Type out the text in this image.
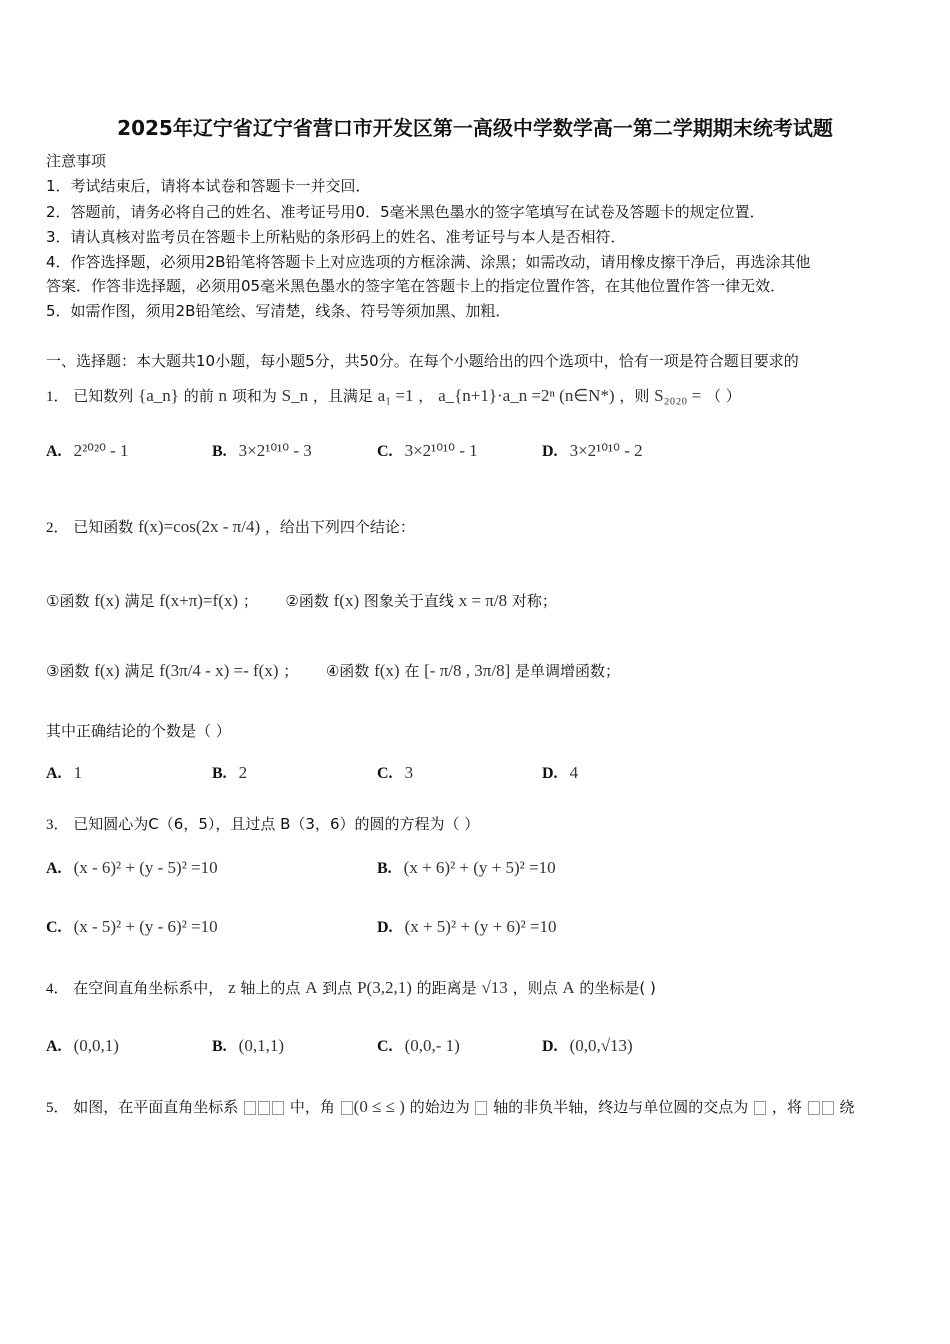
2025年辽宁省辽宁省营口市开发区第一高级中学数学高一第二学期期末统考试题
注意事项
1．考试结束后，请将本试卷和答题卡一并交回．
2．答题前，请务必将自己的姓名、准考证号用0．5毫米黑色墨水的签字笔填写在试卷及答题卡的规定位置．
3．请认真核对监考员在答题卡上所粘贴的条形码上的姓名、准考证号与本人是否相符．
4．作答选择题，必须用2B铅笔将答题卡上对应选项的方框涂满、涂黑；如需改动，请用橡皮擦干净后，再选涂其他
答案．作答非选择题，必须用05毫米黑色墨水的签字笔在答题卡上的指定位置作答，在其他位置作答一律无效．
5．如需作图，须用2B铅笔绘、写清楚，线条、符号等须加黑、加粗．
一、选择题：本大题共10小题，每小题5分，共50分。在每个小题给出的四个选项中，恰有一项是符合题目要求的
1． 已知数列 {a_n} 的前 n 项和为 S_n ，且满足 a₁ =1 ， a_{n+1}·a_n =2ⁿ (n∈N*) ，则 S₂₀₂₀ = （ ）
A. 2²⁰²⁰ - 1	B. 3×2¹⁰¹⁰ - 3	C. 3×2¹⁰¹⁰ - 1	D. 3×2¹⁰¹⁰ - 2
2． 已知函数 f(x)=cos(2x - π/4) ，给出下列四个结论：
①函数 f(x) 满足 f(x+π)=f(x) ； ②函数 f(x) 图象关于直线 x = π/8 对称；
③函数 f(x) 满足 f(3π/4 - x) =- f(x) ； ④函数 f(x) 在 [- π/8 , 3π/8] 是单调增函数；
其中正确结论的个数是（ ）
A. 1	B. 2	C. 3	D. 4
3． 已知圆心为C（6，5），且过点 B（3，6）的圆的方程为（ ）
A. (x - 6)² + (y - 5)² =10	B. (x + 6)² + (y + 5)² =10
C. (x - 5)² + (y - 6)² =10	D. (x + 5)² + (y + 6)² =10
4． 在空间直角坐标系中， z 轴上的点 A 到点 P(3,2,1) 的距离是 √13 ，则点 A 的坐标是( )
A. (0,0,1)	B. (0,1,1)	C. (0,0,- 1)	D. (0,0,√13)
5． 如图，在平面直角坐标系	中，角 (0 ≤ ≤ ) 的始边为 轴的非负半轴，终边与单位圆的交点为 ，将	绕
